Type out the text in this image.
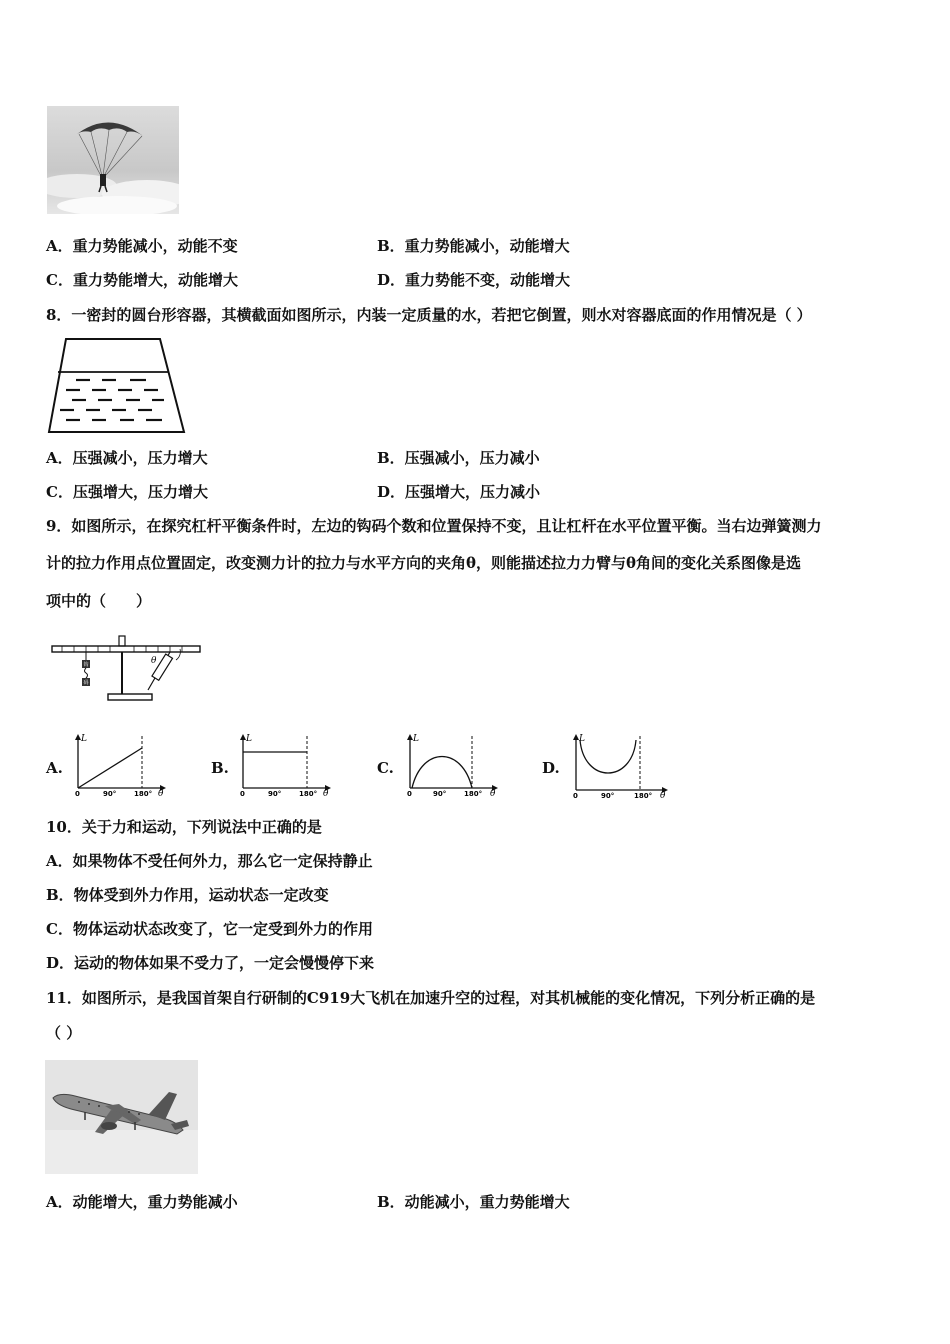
A．重力势能减小，动能不变	B．重力势能减小，动能增大
C．重力势能增大，动能增大	D．重力势能不变，动能增大
8．一密封的圆台形容器，其横截面如图所示，内装一定质量的水，若把它倒置，则水对容器底面的作用情况是（ ）
A．压强减小，压力增大	B．压强减小，压力减小
C．压强增大，压力增大	D．压强增大，压力减小
9．如图所示，在探究杠杆平衡条件时，左边的钩码个数和位置保持不变，且让杠杆在水平位置平衡。当右边弹簧测力
计的拉力作用点位置固定，改变测力计的拉力与水平方向的夹角θ，则能描述拉力力臂与θ角间的变化关系图像是选
项中的（　　）
钩
码
θ
A.
L
0	90°	180° θ
B.
L
0	90°	180° θ
C.
L
0	90°	180° θ
D.
L
0	90°	180° θ
10．关于力和运动，下列说法中正确的是
A．如果物体不受任何外力，那么它一定保持静止
B．物体受到外力作用，运动状态一定改变
C．物体运动状态改变了，它一定受到外力的作用
D．运动的物体如果不受力了，一定会慢慢停下来
11．如图所示，是我国首架自行研制的C919大飞机在加速升空的过程，对其机械能的变化情况，下列分析正确的是
（ ）
A．动能增大，重力势能减小	B．动能减小，重力势能增大
